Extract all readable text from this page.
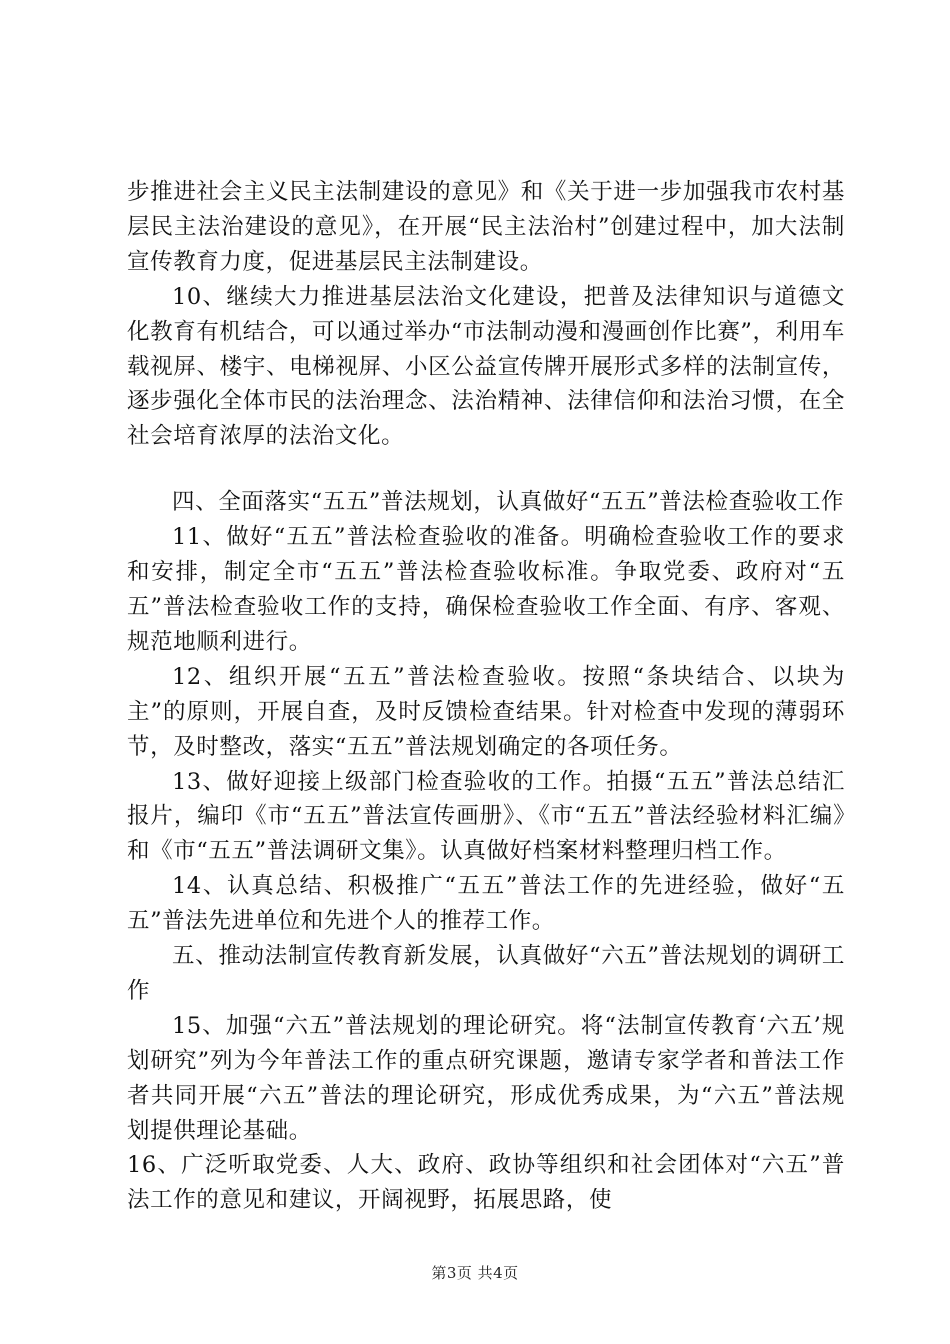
步推进社会主义民主法制建设的意见》和《关于进一步加强我市农村基层民主法治建设的意见》，在开展“民主法治村”创建过程中，加大法制宣传教育力度，促进基层民主法制建设。

10、继续大力推进基层法治文化建设，把普及法律知识与道德文化教育有机结合，可以通过举办“市法制动漫和漫画创作比赛”，利用车载视屏、楼宇、电梯视屏、小区公益宣传牌开展形式多样的法制宣传，逐步强化全体市民的法治理念、法治精神、法律信仰和法治习惯，在全社会培育浓厚的法治文化。

四、全面落实“五五”普法规划，认真做好“五五”普法检查验收工作

11、做好“五五”普法检查验收的准备。明确检查验收工作的要求和安排，制定全市“五五”普法检查验收标准。争取党委、政府对“五五”普法检查验收工作的支持，确保检查验收工作全面、有序、客观、规范地顺利进行。

12、组织开展“五五”普法检查验收。按照“条块结合、以块为主”的原则，开展自查，及时反馈检查结果。针对检查中发现的薄弱环节，及时整改，落实“五五”普法规划确定的各项任务。

13、做好迎接上级部门检查验收的工作。拍摄“五五”普法总结汇报片，编印《市“五五”普法宣传画册》、《市“五五”普法经验材料汇编》和《市“五五”普法调研文集》。认真做好档案材料整理归档工作。

14、认真总结、积极推广“五五”普法工作的先进经验，做好“五五”普法先进单位和先进个人的推荐工作。

五、推动法制宣传教育新发展，认真做好“六五”普法规划的调研工作

15、加强“六五”普法规划的理论研究。将“法制宣传教育‘六五’规划研究”列为今年普法工作的重点研究课题，邀请专家学者和普法工作者共同开展“六五”普法的理论研究，形成优秀成果，为“六五”普法规划提供理论基础。

16、广泛听取党委、人大、政府、政协等组织和社会团体对“六五”普法工作的意见和建议，开阔视野，拓展思路，使

第3页 共4页
